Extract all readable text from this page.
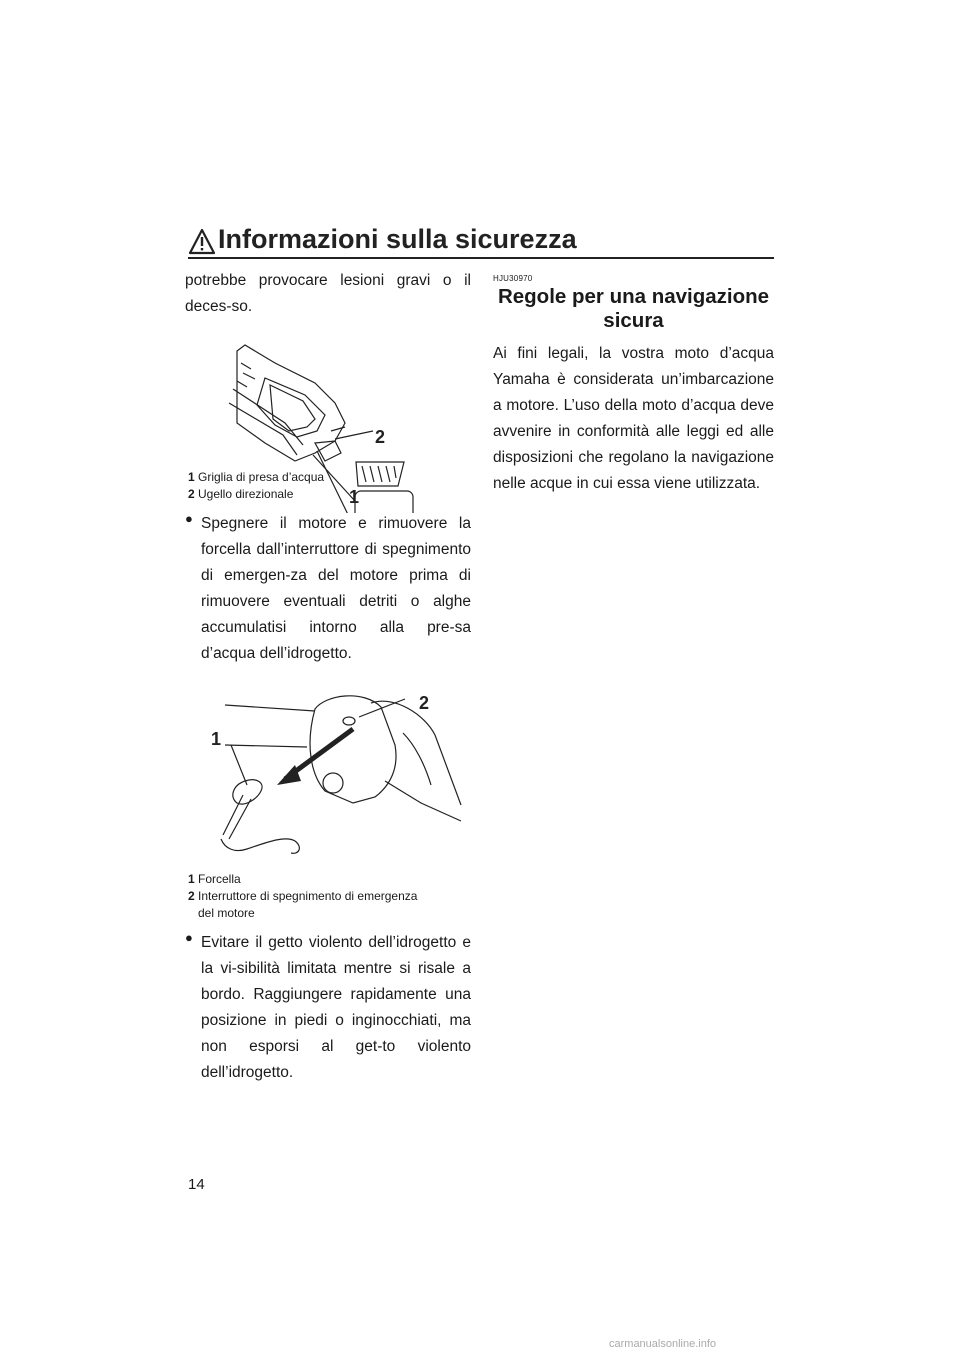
Informazioni sulla sicurezza
14

potrebbe provocare lesioni gravi o il deces-so.

2
1

1 Griglia di presa d’acqua

2 Ugello direzionale

● Spegnere il motore e rimuovere la forcella dall’interruttore di spegnimento di emergen-za del motore prima di rimuovere eventuali detriti o alghe accumulatisi intorno alla pre-sa d’acqua dell’idrogetto.

2
1

1 Forcella

2 Interruttore di spegnimento di emergenza
del motore

● Evitare il getto violento dell’idrogetto e la vi-sibilità limitata mentre si risale a bordo. Raggiungere rapidamente una posizione in piedi o inginocchiati, ma non esporsi al get-to violento dell’idrogetto.

HJU30970
Regole per una navigazione sicura

Ai fini legali, la vostra moto d’acqua Yamaha è considerata un’imbarcazione a motore. L’uso della moto d’acqua deve avvenire in conformità alle leggi ed alle disposizioni che regolano la navigazione nelle acque in cui essa viene utilizzata.

carmanualsonline.info
